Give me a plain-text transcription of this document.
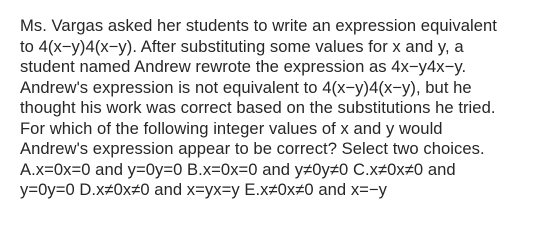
Ms. Vargas asked her students to write an expression equivalent
to 4(x−y)4(x−y). After substituting some values for x and y, a
student named Andrew rewrote the expression as 4x−y4x−y.
Andrew's expression is not equivalent to 4(x−y)4(x−y), but he
thought his work was correct based on the substitutions he tried.
For which of the following integer values of x and y would
Andrew's expression appear to be correct? Select two choices.
A.x=0x=0 and y=0y=0 B.x=0x=0 and y≠0y≠0 C.x≠0x≠0 and
y=0y=0 D.x≠0x≠0 and x=yx=y E.x≠0x≠0 and x=−y
